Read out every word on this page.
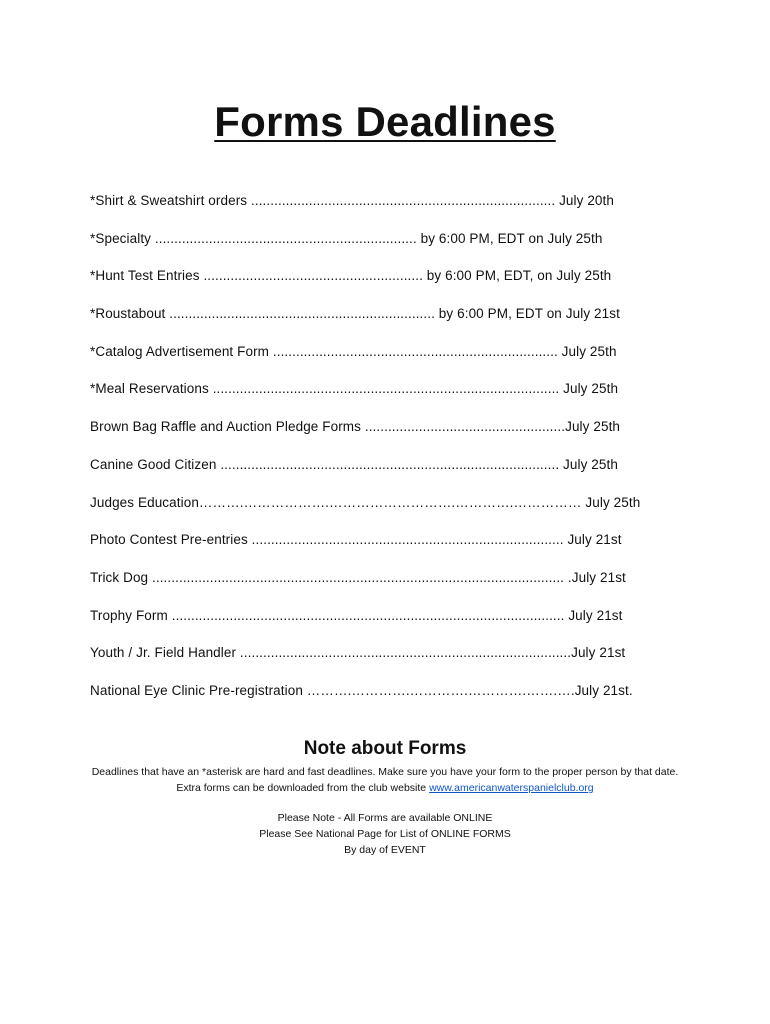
Forms Deadlines
*Shirt & Sweatshirt orders ............................................................................... July 20th
*Specialty .................................................................... by 6:00 PM, EDT on July 25th
*Hunt Test Entries ......................................................... by 6:00 PM, EDT, on July 25th
*Roustabout ..................................................................... by 6:00 PM, EDT on July 21st
*Catalog Advertisement Form .......................................................................... July 25th
*Meal Reservations .......................................................................................... July 25th
Brown Bag Raffle and Auction Pledge Forms ....................................................July 25th
Canine Good Citizen ........................................................................................ July 25th
Judges Education……….……………….……………………….………….…………… July 25th
Photo Contest Pre-entries ................................................................................. July 21st
Trick Dog ........................................................................................................... .July 21st
Trophy Form ...................................................................................................... July 21st
Youth / Jr. Field Handler ......................................................................................July 21st
National Eye Clinic Pre-registration ……….………….………….………….…….….July 21st.
Note about Forms
Deadlines that have an *asterisk are hard and fast deadlines. Make sure you have your form to the proper person by that date. Extra forms can be downloaded from the club website www.americanwaterspanielclub.org
Please Note - All Forms are available ONLINE
Please See National Page for List of ONLINE FORMS
By day of EVENT
